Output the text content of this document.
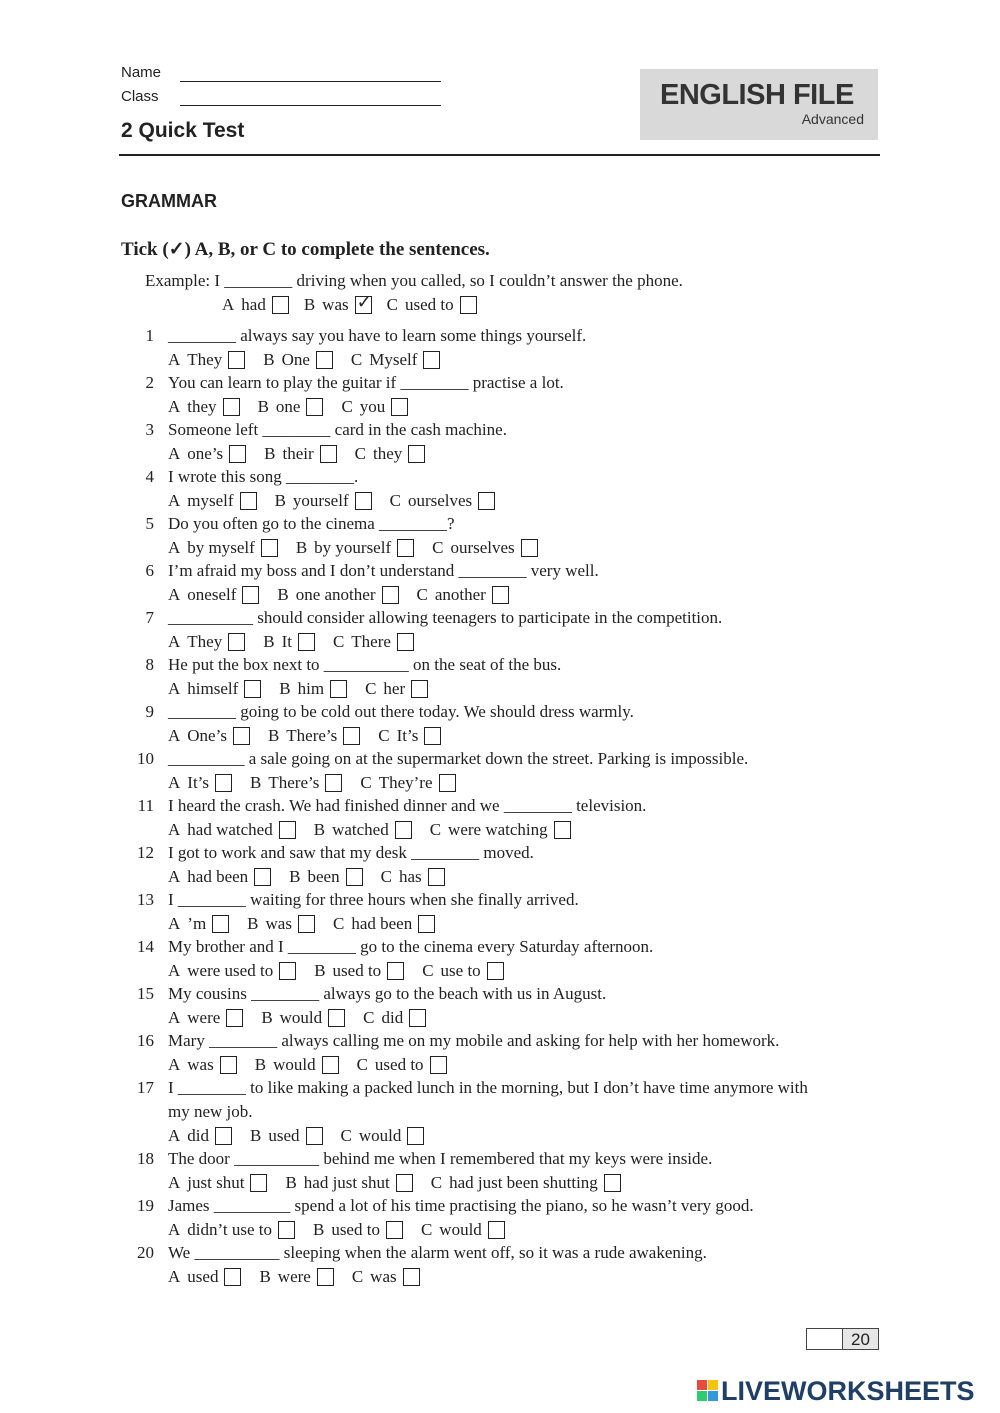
Name
Class
2 Quick Test
ENGLISH FILE
Advanced
GRAMMAR
Tick (✓) A, B, or C to complete the sentences.
Example: I ________ driving when you called, so I couldn’t answer the phone.
A had B was ✓ C used to
1 ________ always say you have to learn some things yourself.
A They B One C Myself
2 You can learn to play the guitar if ________ practise a lot.
A they B one C you
3 Someone left ________ card in the cash machine.
A one’s B their C they
4 I wrote this song ________.
A myself B yourself C ourselves
5 Do you often go to the cinema ________?
A by myself B by yourself C ourselves
6 I’m afraid my boss and I don’t understand ________ very well.
A oneself B one another C another
7 __________ should consider allowing teenagers to participate in the competition.
A They B It C There
8 He put the box next to __________ on the seat of the bus.
A himself B him C her
9 ________ going to be cold out there today. We should dress warmly.
A One’s B There’s C It’s
10 _________ a sale going on at the supermarket down the street. Parking is impossible.
A It’s B There’s C They’re
11 I heard the crash. We had finished dinner and we ________ television.
A had watched B watched C were watching
12 I got to work and saw that my desk ________ moved.
A had been B been C has
13 I ________ waiting for three hours when she finally arrived.
A ’m B was C had been
14 My brother and I ________ go to the cinema every Saturday afternoon.
A were used to B used to C use to
15 My cousins ________ always go to the beach with us in August.
A were B would C did
16 Mary ________ always calling me on my mobile and asking for help with her homework.
A was B would C used to
17 I ________ to like making a packed lunch in the morning, but I don’t have time anymore with
my new job.
A did B used C would
18 The door __________ behind me when I remembered that my keys were inside.
A just shut B had just shut C had just been shutting
19 James _________ spend a lot of his time practising the piano, so he wasn’t very good.
A didn’t use to B used to C would
20 We __________ sleeping when the alarm went off, so it was a rude awakening.
A used B were C was
20
LIVEWORKSHEETS
